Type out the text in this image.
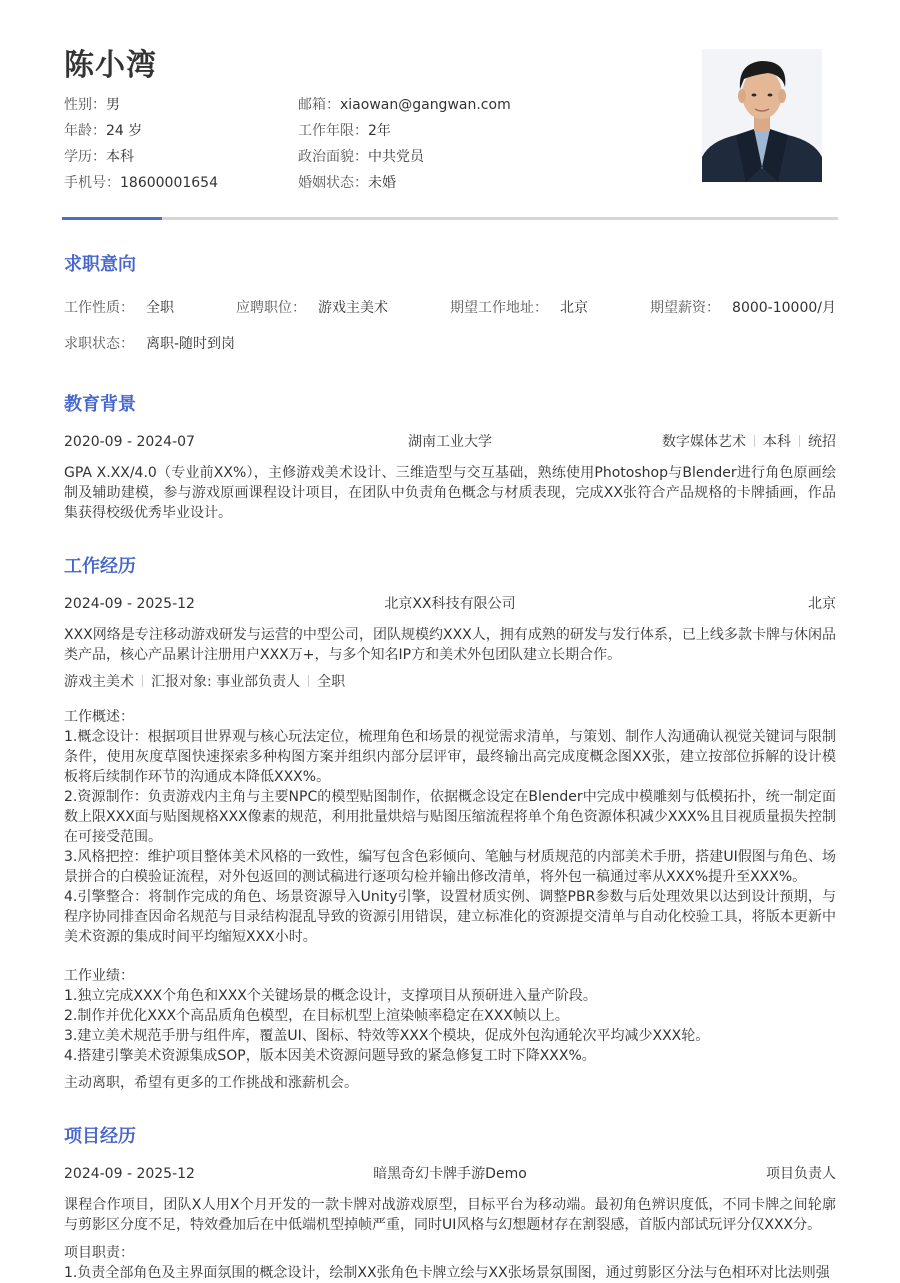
陈小湾
性别：男	邮箱：xiaowan@gangwan.com
年龄：24 岁	工作年限：2年
学历：本科	政治面貌：中共党员
手机号：18600001654	婚姻状态：未婚
求职意向
工作性质： 全职	应聘职位： 游戏主美术	期望工作地址： 北京	期望薪资： 8000-10000/月
求职状态： 离职-随时到岗
教育背景
2020-09 - 2024-07	湖南工业大学	数字媒体艺术 本科 统招
GPA X.XX/4.0（专业前XX%），主修游戏美术设计、三维造型与交互基础，熟练使用Photoshop与Blender进行角色原画绘制及辅助建模，参与游戏原画课程设计项目，在团队中负责角色概念与材质表现，完成XX张符合产品规格的卡牌插画，作品集获得校级优秀毕业设计。
工作经历
2024-09 - 2025-12	北京XX科技有限公司	北京
XXX网络是专注移动游戏研发与运营的中型公司，团队规模约XXX人，拥有成熟的研发与发行体系，已上线多款卡牌与休闲品类产品，核心产品累计注册用户XXX万+，与多个知名IP方和美术外包团队建立长期合作。
游戏主美术 汇报对象: 事业部负责人 全职
工作概述：
1.概念设计：根据项目世界观与核心玩法定位，梳理角色和场景的视觉需求清单，与策划、制作人沟通确认视觉关键词与限制条件，使用灰度草图快速探索多种构图方案并组织内部分层评审，最终输出高完成度概念图XX张，建立按部位拆解的设计模板将后续制作环节的沟通成本降低XXX%。
2.资源制作：负责游戏内主角与主要NPC的模型贴图制作，依据概念设定在Blender中完成中模雕刻与低模拓扑，统一制定面数上限XXX面与贴图规格XXX像素的规范，利用批量烘焙与贴图压缩流程将单个角色资源体积减少XXX%且目视质量损失控制在可接受范围。
3.风格把控：维护项目整体美术风格的一致性，编写包含色彩倾向、笔触与材质规范的内部美术手册，搭建UI假图与角色、场景拼合的白模验证流程，对外包返回的测试稿进行逐项勾检并输出修改清单，将外包一稿通过率从XXX%提升至XXX%。
4.引擎整合：将制作完成的角色、场景资源导入Unity引擎，设置材质实例、调整PBR参数与后处理效果以达到设计预期，与程序协同排查因命名规范与目录结构混乱导致的资源引用错误，建立标准化的资源提交清单与自动化校验工具，将版本更新中美术资源的集成时间平均缩短XXX小时。
工作业绩：
1.独立完成XXX个角色和XXX个关键场景的概念设计，支撑项目从预研进入量产阶段。
2.制作并优化XXX个高品质角色模型，在目标机型上渲染帧率稳定在XXX帧以上。
3.建立美术规范手册与组件库，覆盖UI、图标、特效等XXX个模块，促成外包沟通轮次平均减少XXX轮。
4.搭建引擎美术资源集成SOP，版本因美术资源问题导致的紧急修复工时下降XXX%。
主动离职，希望有更多的工作挑战和涨薪机会。
项目经历
2024-09 - 2025-12	暗黑奇幻卡牌手游Demo	项目负责人
课程合作项目，团队X人用X个月开发的一款卡牌对战游戏原型，目标平台为移动端。最初角色辨识度低，不同卡牌之间轮廓与剪影区分度不足，特效叠加后在中低端机型掉帧严重，同时UI风格与幻想题材存在割裂感，首版内部试玩评分仅XXX分。
项目职责：
1.负责全部角色及主界面氛围的概念设计，绘制XX张角色卡牌立绘与XX张场景氛围图，通过剪影区分法与色相环对比法则强
